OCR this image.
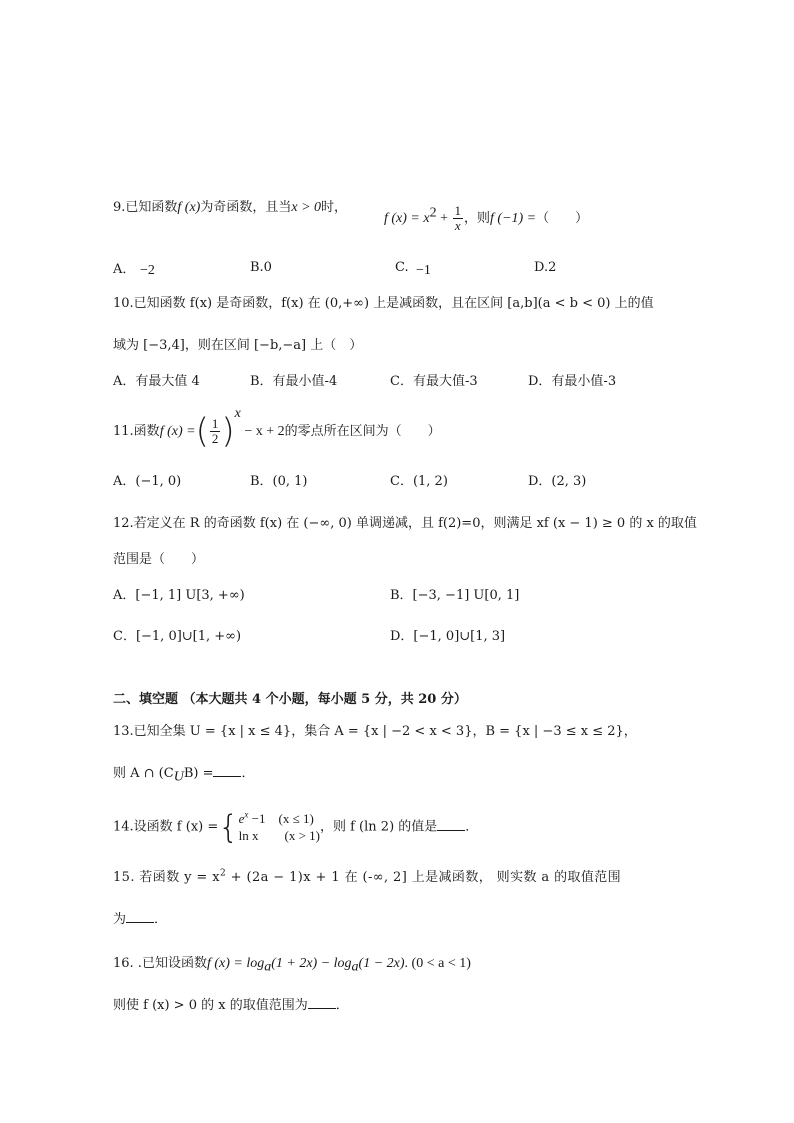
9.已知函数f (x)为奇函数，且当x > 0时，
f $(x) = x^2 + \frac{1}{x}$ ，则f (−1) =（　　）
A． −2	B.0	C. −1	D.2
10.已知函数 f(x) 是奇函数，f(x) 在 (0,+∞) 上是减函数，且在区间 [a,b](a < b < 0) 上的值
域为 [−3,4]，则在区间 [−b,−a] 上（　）
A．有最大值 4	B．有最小值-4	C．有最大值-3	D．有最小值-3
11.函数f (x) =( $\frac{1}{2} )^x - x + 2$的零点所在区间为（　　）
A．(−1, 0)	B．(0, 1)	C．(1, 2)	D．(2, 3)
12.若定义在 R 的奇函数 f(x) 在 (−∞, 0) 单调递减，且 f(2)=0，则满足 xf (x − 1) ≥ 0 的 x 的取值
范围是（　　）
A．[−1, 1] U[3, +∞)	B．[−3, −1] U[0, 1]
C．[−1, 0]∪[1, +∞)	D．[−1, 0]∪[1, 3]
二、填空题 （本大题共 4 个小题，每小题 5 分，共 20 分）
13.已知全集 U = {x | x ≤ 4}，集合 A = {x | −2 < x < 3}，B = {x | −3 ≤ x ≤ 2}，
则 A ∩ $(C_UB)$ = ．
14.设函数 f (x) ={ $e^x -1$　(x ≤ 1)
ln x　　(x > 1)
，则 f (ln 2) 的值是 ．
15. 若函数 $y = x^2 + (2a - 1)x + 1$ 在 (-∞, 2] 上是减函数， 则实数 a 的取值范围
为 ．
16. .已知设函数f $(x) = \log_a(1 + 2x) - \log_a(1 - 2x)$. (0 < a < 1)
则使 f (x) > 0 的 x 的取值范围为 ．
